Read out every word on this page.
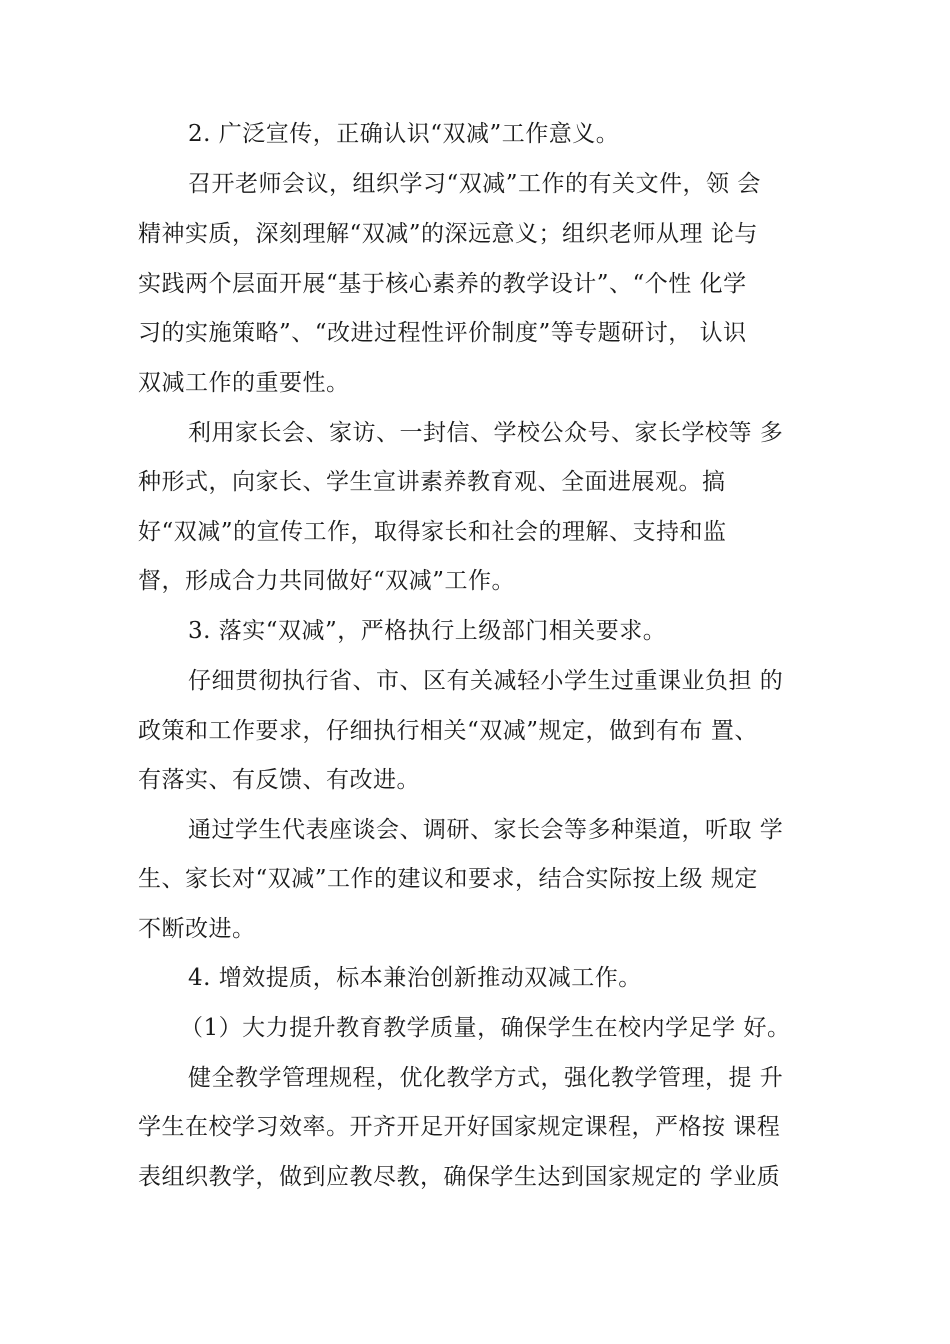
2. 广泛宣传，正确认识“双减”工作意义。
召开老师会议，组织学习“双减”工作的有关文件，领 会
精神实质，深刻理解“双减”的深远意义；组织老师从理 论与
实践两个层面开展“基于核心素养的教学设计”、“个性 化学
习的实施策略”、“改进过程性评价制度”等专题研讨， 认识
双减工作的重要性。
利用家长会、家访、一封信、学校公众号、家长学校等 多
种形式，向家长、学生宣讲素养教育观、全面进展观。搞
好“双减”的宣传工作，取得家长和社会的理解、支持和监
督，形成合力共同做好“双减”工作。
3. 落实“双减”，严格执行上级部门相关要求。
仔细贯彻执行省、市、区有关减轻小学生过重课业负担 的
政策和工作要求，仔细执行相关“双减”规定，做到有布 置、
有落实、有反馈、有改进。
通过学生代表座谈会、调研、家长会等多种渠道，听取 学
生、家长对“双减”工作的建议和要求，结合实际按上级 规定
不断改进。
4. 增效提质，标本兼治创新推动双减工作。
（1）大力提升教育教学质量，确保学生在校内学足学 好。
健全教学管理规程，优化教学方式，强化教学管理，提 升
学生在校学习效率。开齐开足开好国家规定课程，严格按 课程
表组织教学，做到应教尽教，确保学生达到国家规定的 学业质
